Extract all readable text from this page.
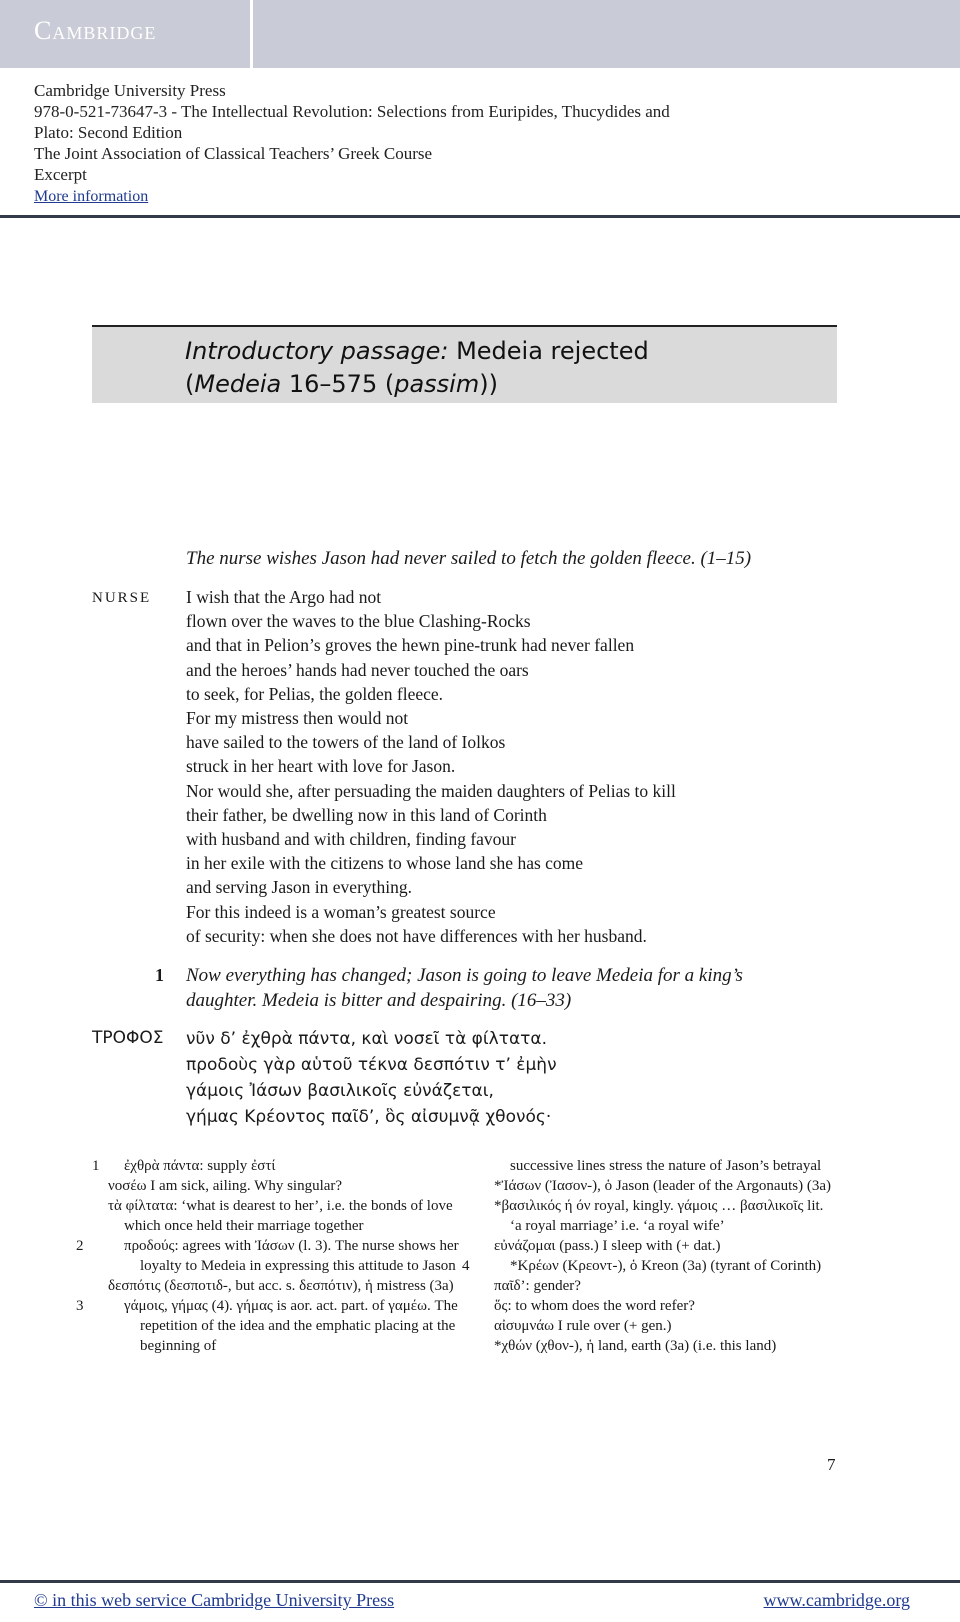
Cambridge
Cambridge University Press
978-0-521-73647-3 - The Intellectual Revolution: Selections from Euripides, Thucydides and
Plato: Second Edition
The Joint Association of Classical Teachers’ Greek Course
Excerpt
More information
Introductory passage: Medeia rejected
(Medeia 16–575 (passim))
The nurse wishes Jason had never sailed to fetch the golden fleece. (1–15)
NURSE I wish that the Argo had not
flown over the waves to the blue Clashing-Rocks
and that in Pelion’s groves the hewn pine-trunk had never fallen
and the heroes’ hands had never touched the oars
to seek, for Pelias, the golden fleece.
For my mistress then would not
have sailed to the towers of the land of Iolkos
struck in her heart with love for Jason.
Nor would she, after persuading the maiden daughters of Pelias to kill
their father, be dwelling now in this land of Corinth
with husband and with children, finding favour
in her exile with the citizens to whose land she has come
and serving Jason in everything.
For this indeed is a woman’s greatest source
of security: when she does not have differences with her husband.
1 Now everything has changed; Jason is going to leave Medeia for a king’s
daughter. Medeia is bitter and despairing. (16–33)
ΤΡΟΦΟΣ νῦν δ’ ἐχθρὰ πάντα, καὶ νοσεῖ τὰ φίλτατα.
προδοὺς γὰρ αὑτοῦ τέκνα δεσπότιν τ’ ἐμὴν
γάμοις Ἰάσων βασιλικοῖς εὐνάζεται,
γήμας Κρέοντος παῖδ’, ὃς αἰσυμνᾷ χθονός·
1 ἐχθρὰ πάντα: supply ἐστί
νοσέω I am sick, ailing. Why singular?
τὰ φίλτατα: ‘what is dearest to her’, i.e. the bonds of love which once held their marriage together
2	προδούς: agrees with Ἰάσων (l. 3). The nurse shows her loyalty to Medeia in expressing this attitude to Jason
δεσπότις (δεσποτιδ-, but acc. s. δεσπότιν), ἡ mistress (3a)
3	γάμοις, γήμας (4). γήμας is aor. act. part. of γαμέω. The repetition of the idea and the emphatic placing at the beginning of
successive lines stress the nature of Jason’s betrayal
*Ἰάσων (Ἰασον-), ὁ Jason (leader of the Argonauts) (3a)
*βασιλικός ή όν royal, kingly. γάμοις … βασιλικοῖς lit. ‘a royal marriage’ i.e. ‘a royal wife’
εὐνάζομαι (pass.) I sleep with (+ dat.)
4	*Κρέων (Κρεοντ-), ὁ Kreon (3a) (tyrant of Corinth)
παῖδ’: gender?
ὅς: to whom does the word refer?
αἰσυμνάω I rule over (+ gen.)
*χθών (χθον-), ἡ land, earth (3a) (i.e. this land)
7
© in this web service Cambridge University Press	www.cambridge.org
